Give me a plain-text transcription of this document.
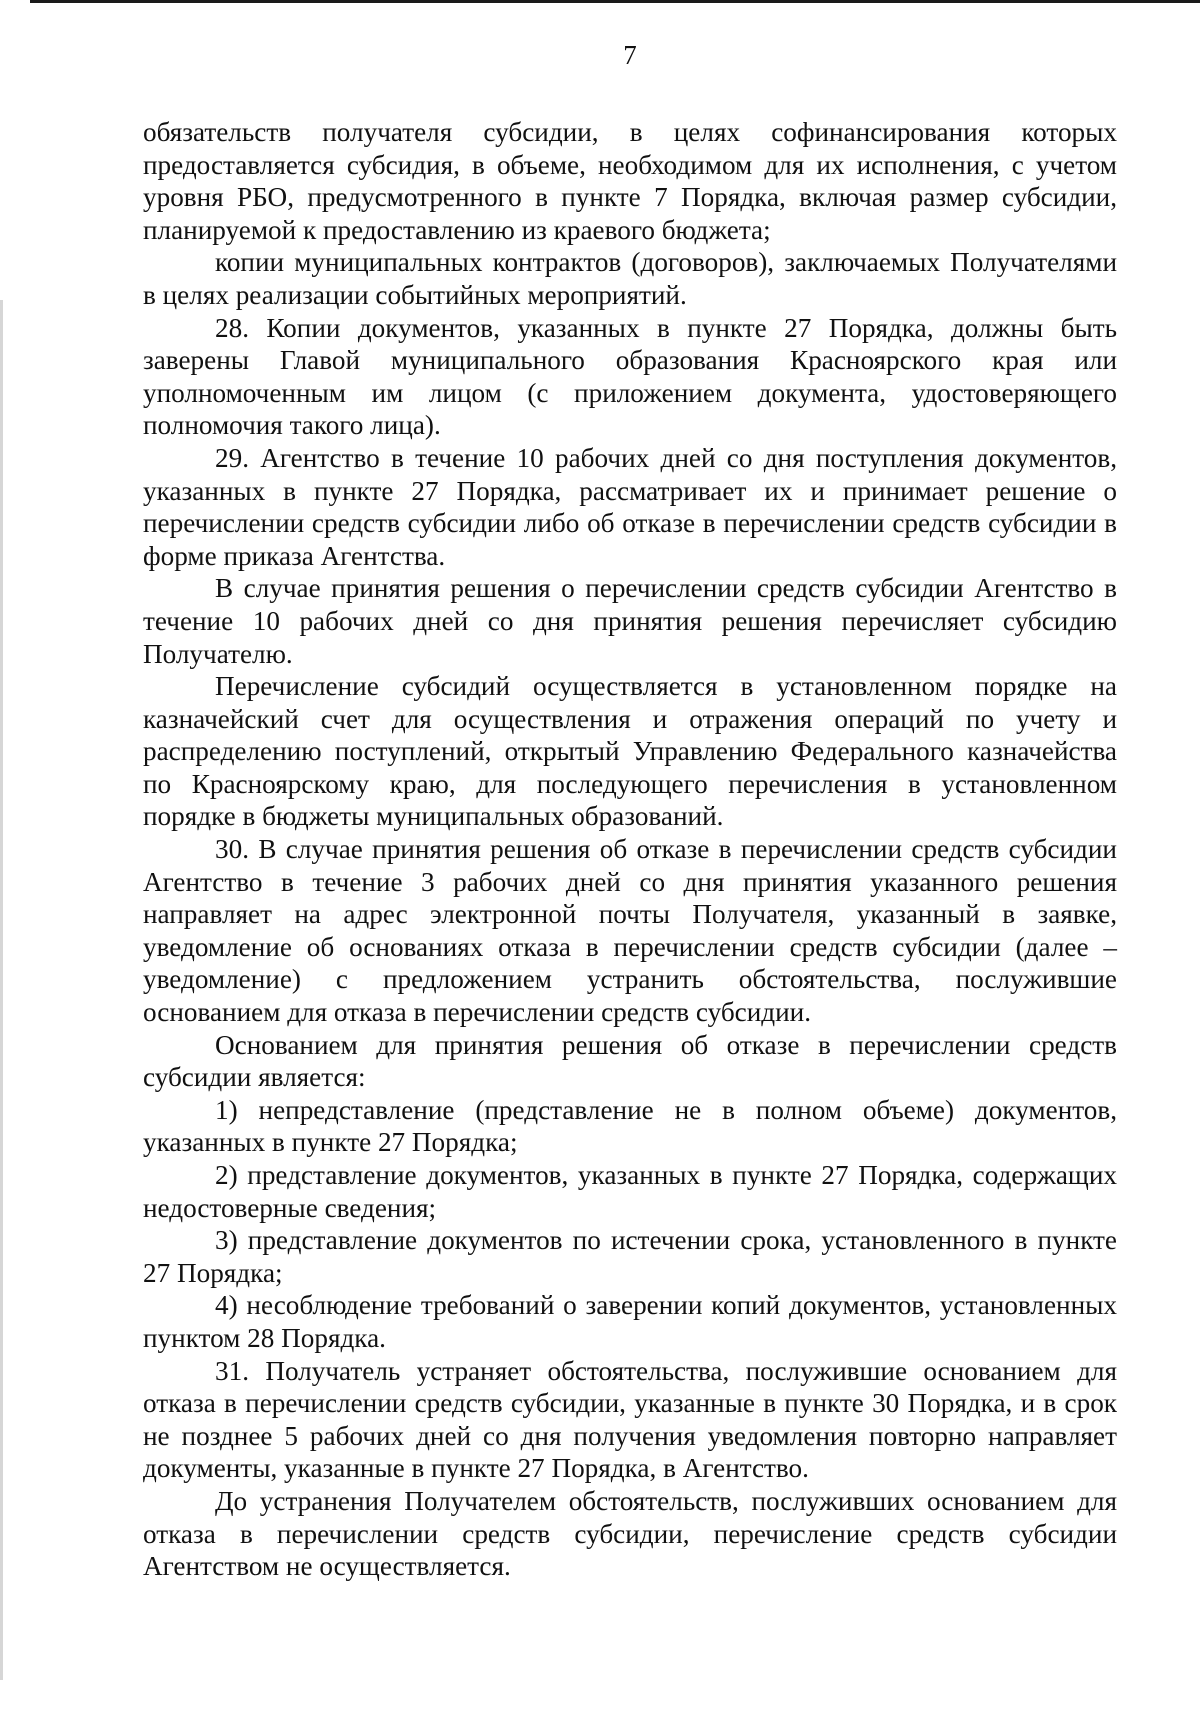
7

обязательств получателя субсидии, в целях софинансирования которых предоставляется субсидия, в объеме, необходимом для их исполнения, с учетом уровня РБО, предусмотренного в пункте 7 Порядка, включая размер субсидии, планируемой к предоставлению из краевого бюджета;

копии муниципальных контрактов (договоров), заключаемых Получателями в целях реализации событийных мероприятий.

28. Копии документов, указанных в пункте 27 Порядка, должны быть заверены Главой муниципального образования Красноярского края или уполномоченным им лицом (с приложением документа, удостоверяющего полномочия такого лица).

29. Агентство в течение 10 рабочих дней со дня поступления документов, указанных в пункте 27 Порядка, рассматривает их и принимает решение о перечислении средств субсидии либо об отказе в перечислении средств субсидии в форме приказа Агентства.

В случае принятия решения о перечислении средств субсидии Агентство в течение 10 рабочих дней со дня принятия решения перечисляет субсидию Получателю.

Перечисление субсидий осуществляется в установленном порядке на казначейский счет для осуществления и отражения операций по учету и распределению поступлений, открытый Управлению Федерального казначейства по Красноярскому краю, для последующего перечисления в установленном порядке в бюджеты муниципальных образований.

30. В случае принятия решения об отказе в перечислении средств субсидии Агентство в течение 3 рабочих дней со дня принятия указанного решения направляет на адрес электронной почты Получателя, указанный в заявке, уведомление об основаниях отказа в перечислении средств субсидии (далее – уведомление) с предложением устранить обстоятельства, послужившие основанием для отказа в перечислении средств субсидии.

Основанием для принятия решения об отказе в перечислении средств субсидии является:

1) непредставление (представление не в полном объеме) документов, указанных в пункте 27 Порядка;

2) представление документов, указанных в пункте 27 Порядка, содержащих недостоверные сведения;

3) представление документов по истечении срока, установленного в пункте 27 Порядка;

4) несоблюдение требований о заверении копий документов, установленных пунктом 28 Порядка.

31. Получатель устраняет обстоятельства, послужившие основанием для отказа в перечислении средств субсидии, указанные в пункте 30 Порядка, и в срок не позднее 5 рабочих дней со дня получения уведомления повторно направляет документы, указанные в пункте 27 Порядка, в Агентство.

До устранения Получателем обстоятельств, послуживших основанием для отказа в перечислении средств субсидии, перечисление средств субсидии Агентством не осуществляется.
